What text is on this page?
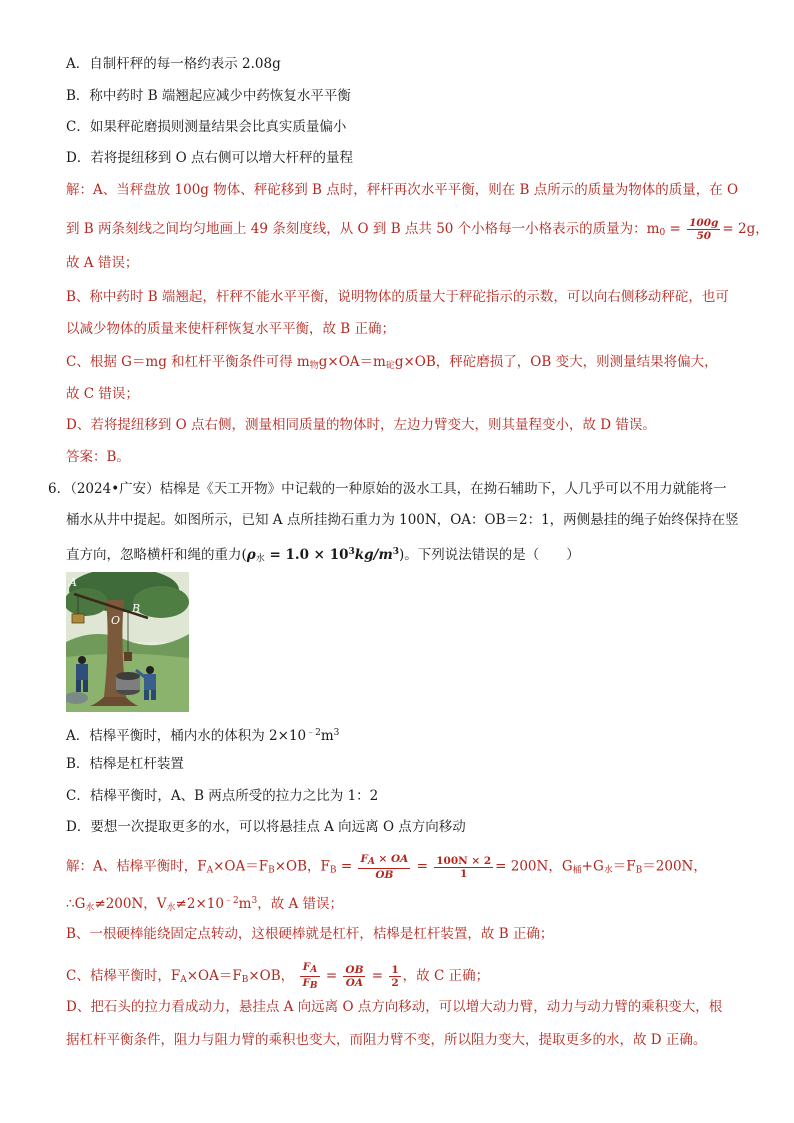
A．自制杆秤的每一格约表示 2.08g
B．称中药时 B 端翘起应减少中药恢复水平平衡
C．如果秤砣磨损则测量结果会比真实质量偏小
D．若将提纽移到 O 点右侧可以增大杆秤的量程
解：A、当秤盘放 100g 物体、秤砣移到 B 点时，秤杆再次水平平衡，则在 B 点所示的质量为物体的质量，在 O
到 B 两条刻线之间均匀地画上 49 条刻度线，从 O 到 B 点共 50 个小格每一小格表示的质量为：$m_0 = \frac{100g}{50} = 2g$，
故 A 错误；
B、称中药时 B 端翘起，杆秤不能水平平衡，说明物体的质量大于秤砣指示的示数，可以向右侧移动秤砣，也可
以减少物体的质量来使杆秤恢复水平平衡，故 B 正确；
C、根据 G＝mg 和杠杆平衡条件可得 $m_物g\times OA=m_砣g\times OB$，秤砣磨损了，OB 变大，则测量结果将偏大，
故 C 错误；
D、若将提纽移到 O 点右侧，测量相同质量的物体时，左边力臂变大，则其量程变小，故 D 错误。
答案：B。
6．（2024•广安）桔槔是《天工开物》中记载的一种原始的汲水工具，在拗石辅助下，人几乎可以不用力就能将一
桶水从井中提起。如图所示，已知 A 点所挂拗石重力为 100N，OA：OB＝2：1，两侧悬挂的绳子始终保持在竖
直方向，忽略横杆和绳的重力$(\rho_水 = 1.0 \times 10^3kg/m^3)$。下列说法错误的是（　　）
A
B
O
A．桔槔平衡时，桶内水的体积为 $2\times 10^{﹣2}m^3$
B．桔槔是杠杆装置
C．桔槔平衡时，A、B 两点所受的拉力之比为 1：2
D．要想一次提取更多的水，可以将悬挂点 A 向远离 O 点方向移动
解：A、桔槔平衡时，$F_A\times OA=F_B\times OB$，$F_B = \frac{F_A \times OA}{OB} = \frac{100N \times 2}{1} = 200N$，$G_桶+G_水=F_B=200N$，
$\therefore G_水\ne 200N$，$V_水\ne 2\times 10^{﹣2}m^3$，故 A 错误；
B、一根硬棒能绕固定点转动，这根硬棒就是杠杆，桔槔是杠杆装置，故 B 正确；
C、桔槔平衡时，$F_A\times OA=F_B\times OB$， $\frac{F_A}{F_B} = \frac{OB}{OA} = \frac{1}{2}$ ，故 C 正确；
D、把石头的拉力看成动力，悬挂点 A 向远离 O 点方向移动，可以增大动力臂，动力与动力臂的乘积变大，根
据杠杆平衡条件，阻力与阻力臂的乘积也变大，而阻力臂不变，所以阻力变大，提取更多的水，故 D 正确。
